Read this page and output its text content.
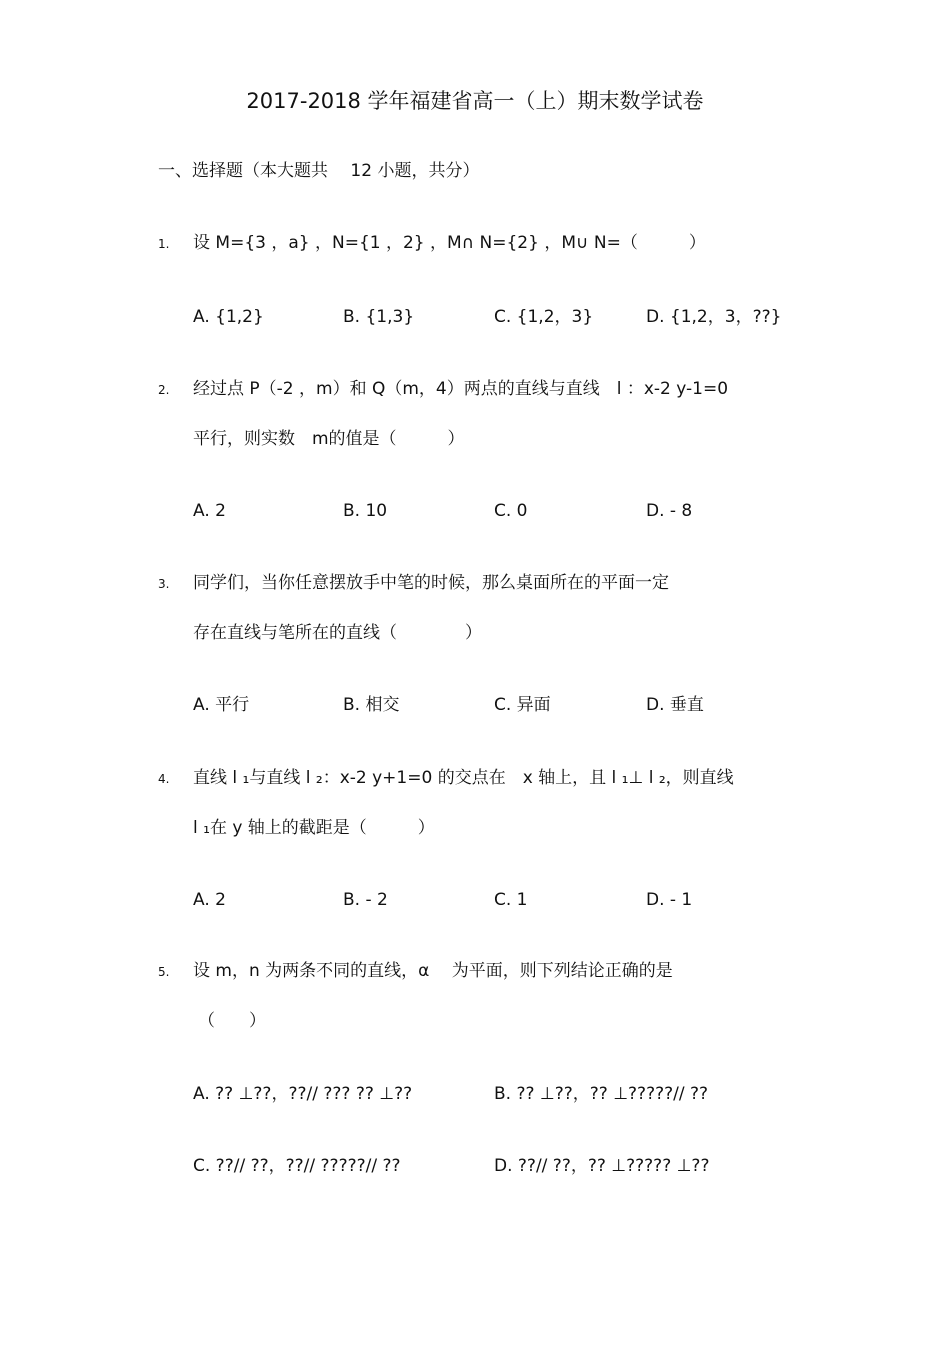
2017-2018 学年福建省高一（上）期末数学试卷
一、选择题（本大题共　 12 小题，共分）
1. 设 M={3 ，a} ，N={1 ，2} ，M∩ N={2} ，M∪ N=（　　　）
A. {1,2}	B. {1,3}	C. {1,2，3}	D. {1,2，3，??}
2. 经过点 P（-2 ，m）和 Q（m，4）两点的直线与直线　l ：x-2 y-1=0
平行，则实数　m的值是（　　　）
A. 2	B. 10	C. 0	D. - 8
3. 同学们，当你任意摆放手中笔的时候，那么桌面所在的平面一定
存在直线与笔所在的直线（　　　　）
A. 平行	B. 相交	C. 异面	D. 垂直
4. 直线 l ₁与直线 l ₂：x-2 y+1=0 的交点在　x 轴上，且 l ₁⊥ l ₂，则直线
l ₁在 y 轴上的截距是（　　　）
A. 2	B. - 2	C. 1	D. - 1
5. 设 m，n 为两条不同的直线，α 　为平面，则下列结论正确的是
（　　）
A. ?? ⊥??，??// ??? ?? ⊥??	B. ?? ⊥??，?? ⊥?????// ??
C. ??// ??，??// ?????// ??	D. ??// ??，?? ⊥????? ⊥??
